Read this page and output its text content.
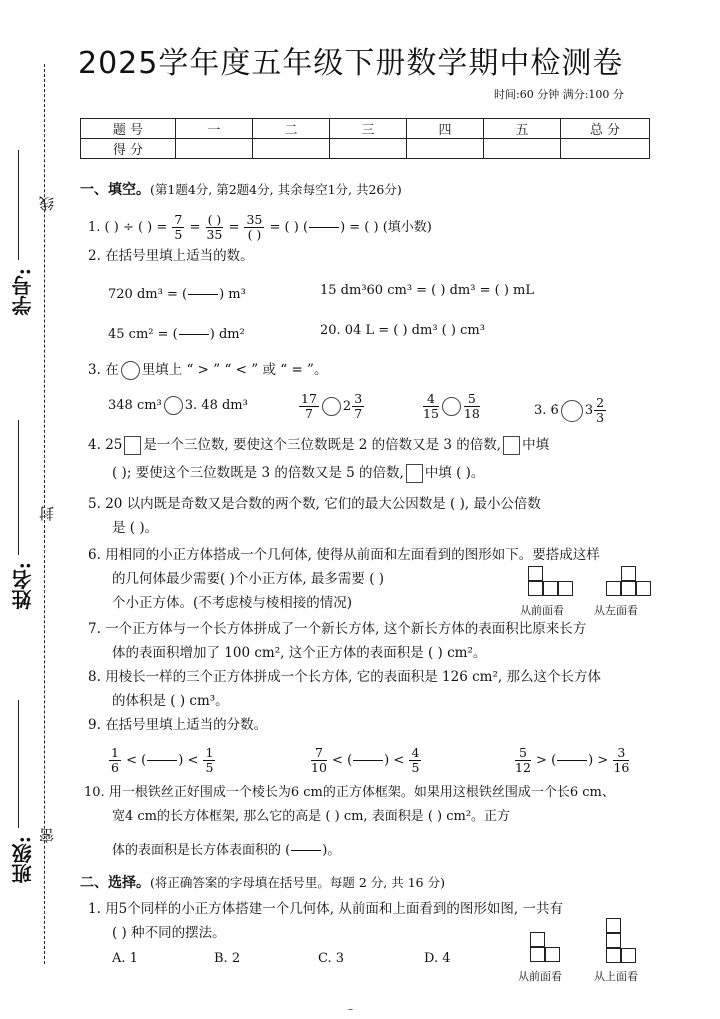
2025学年度五年级下册数学期中检测卷
时间:60 分钟 满分:100 分
学号:
线
姓名:
封
班级:
密
题 号	一	二	三	四	五	总 分
得 分						
一、填空。(第1题4分, 第2题4分, 其余每空1分, 共26分)
1. ( ) ÷ ( ) = $\frac{7}{5}$ =
( )
35 =
35
( ) = ( ) ( ) = ( ) (填小数)
2. 在括号里填上适当的数。
720 dm³ = ( ) m³	15 dm³60 cm³ = ( ) dm³ = ( ) mL
45 cm² = ( ) dm²	20. 04 L = ( ) dm³ ( ) cm³
3. 在 里填上 “ > ” “ < ” 或 “ = ”。
348 cm³ 3. 48 dm³	$\frac{17}{7} 2 \frac{3}{7}$	$\frac{4}{15} \frac{5}{18}$	3. 6̇ $3 \frac{2}{3}$
4. 25 是一个三位数, 要使这个三位数既是 2 的倍数又是 3 的倍数, 中填
( ); 要使这个三位数既是 3 的倍数又是 5 的倍数, 中填 ( )。
5. 20 以内既是奇数又是合数的两个数, 它们的最大公因数是 ( ), 最小公倍数
是 ( )。
6. 用相同的小正方体搭成一个几何体, 使得从前面和左面看到的图形如下。要搭成这样
的几何体最少需要( )个小正方体, 最多需要 ( )
个小正方体。(不考虑棱与棱相接的情况)	从前面看	从左面看
7. 一个正方体与一个长方体拼成了一个新长方体, 这个新长方体的表面积比原来长方
体的表面积增加了 100 cm², 这个正方体的表面积是 ( ) cm²。
8. 用棱长一样的三个正方体拼成一个长方体, 它的表面积是 126 cm², 那么这个长方体
的体积是 ( ) cm³。
9. 在括号里填上适当的分数。
$\frac{1}{6}$ < ( ) < $\frac{1}{5}$	$\frac{7}{10}$ < ( ) < $\frac{4}{5}$	$\frac{5}{12}$ > ( ) > $\frac{3}{16}$
10. 用一根铁丝正好围成一个棱长为6 cm的正方体框架。如果用这根铁丝围成一个长6 cm、
宽4 cm的长方体框架, 那么它的高是 ( ) cm, 表面积是 ( ) cm²。正方
体的表面积是长方体表面积的 ( )。
二、选择。(将正确答案的字母填在括号里。每题 2 分, 共 16 分)
1. 用5个同样的小正方体搭建一个几何体, 从前面和上面看到的图形如图, 一共有
( ) 种不同的摆法。
A. 1	B. 2	C. 3	D. 4
从前面看	从上面看
–
